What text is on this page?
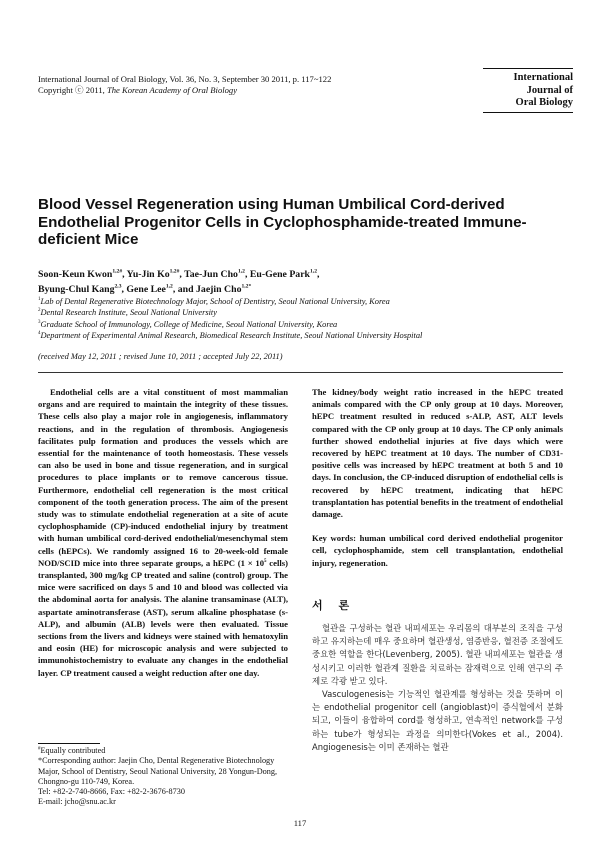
International Journal of Oral Biology, Vol. 36, No. 3, September 30 2011, p. 117~122
Copyright ⓒ 2011, The Korean Academy of Oral Biology
International
Journal of
Oral Biology
Blood Vessel Regeneration using Human Umbilical Cord-derived Endothelial Progenitor Cells in Cyclophosphamide-treated Immune-deficient Mice
Soon-Keun Kwon$^{1,2\#}$, Yu-Jin $Ko^{1,2\#}$, Tae-Jun Cho$^{1,2}$, Eu-Gene Park$^{1,2}$,
Byung-Chul Kang$^{2,3}$, Gene Lee$^{1,2}$, and Jaejin Cho$^{1,2*}$
$^1$Lab of Dental Regenerative Biotechnology Major, School of Dentistry, Seoul National University, Korea
$^2$Dental Research Institute, Seoul National University
$^3$Graduate School of Immunology, College of Medicine, Seoul National University, Korea
$^4$Department of Experimental Animal Research, Biomedical Research Institute, Seoul National University Hospital
(received May 12, 2011 ; revised June 10, 2011 ; accepted July 22, 2011)

Endothelial cells are a vital constituent of most mammalian organs and are required to maintain the integrity of these tissues. These cells also play a major role in angiogenesis, inflammatory reactions, and in the regulation of thrombosis. Angiogenesis facilitates pulp formation and produces the vessels which are essential for the maintenance of tooth homeostasis. These vessels can also be used in bone and tissue regeneration, and in surgical procedures to place implants or to remove cancerous tissue. Furthermore, endothelial cell regeneration is the most critical component of the tooth generation process. The aim of the present study was to stimulate endothelial regeneration at a site of acute cyclophosphamide (CP)-induced endothelial injury by treatment with human umbilical cord-derived endothelial/mesenchymal stem cells (hEPCs). We randomly assigned 16 to 20-week-old female NOD/SCID mice into three separate groups, a hEPC ($1 \times 10^5$ cells) transplanted, 300 mg/kg CP treated and saline (control) group. The mice were sacrificed on days 5 and 10 and blood was collected via the abdominal aorta for analysis. The alanine transaminase (ALT), aspartate aminotransferase (AST), serum alkaline phosphatase (s-ALP), and albumin (ALB) levels were then evaluated. Tissue sections from the livers and kidneys were stained with hematoxylin and eosin (HE) for microscopic analysis and were subjected to immunohistochemistry to evaluate any changes in the endothelial layer. CP treatment caused a weight reduction after one day.

The kidney/body weight ratio increased in the hEPC treated animals compared with the CP only group at 10 days. Moreover, hEPC treatment resulted in reduced s-ALP, AST, ALT levels compared with the CP only group at 10 days. The CP only animals further showed endothelial injuries at five days which were recovered by hEPC treatment at 10 days. The number of CD31-positive cells was increased by hEPC treatment at both 5 and 10 days. In conclusion, the CP-induced disruption of endothelial cells is recovered by hEPC treatment, indicating that hEPC transplantation has potential benefits in the treatment of endothelial damage.

Key words: human umbilical cord derived endothelial progenitor cell, cyclophosphamide, stem cell transplantation, endothelial injury, regeneration.

서 론

혈관을 구성하는 혈관 내피세포는 우리몸의 대부분의 조직을 구성하고 유지하는데 매우 중요하며 혈관생성, 염증반응, 혈전증 조절에도 중요한 역할을 한다(Levenberg, 2005). 혈관 내피세포는 혈관을 생성시키고 이러한 혈관계 질환을 치료하는 잠재력으로 인해 연구의 주제로 각광 받고 있다.

Vasculogenesis는 기능적인 혈관계를 형성하는 것을 뜻하며 이는 endothelial progenitor cell (angioblast)이 증식혈에서 분화되고, 이들이 융합하여 cord를 형성하고, 연속적인 network를 구성하는 tube가 형성되는 과정을 의미한다(Vokes et al., 2004). Angiogenesis는 이미 존재하는 혈관

#Equally contributed

*Corresponding author: Jaejin Cho, Dental Regenerative Biotechnology Major, School of Dentistry, Seoul National University, 28 Yongun-Dong, Chongno-gu 110-749, Korea.

Tel: +82-2-740-8666, Fax: +82-2-3676-8730

E-mail: jcho@snu.ac.kr

117
